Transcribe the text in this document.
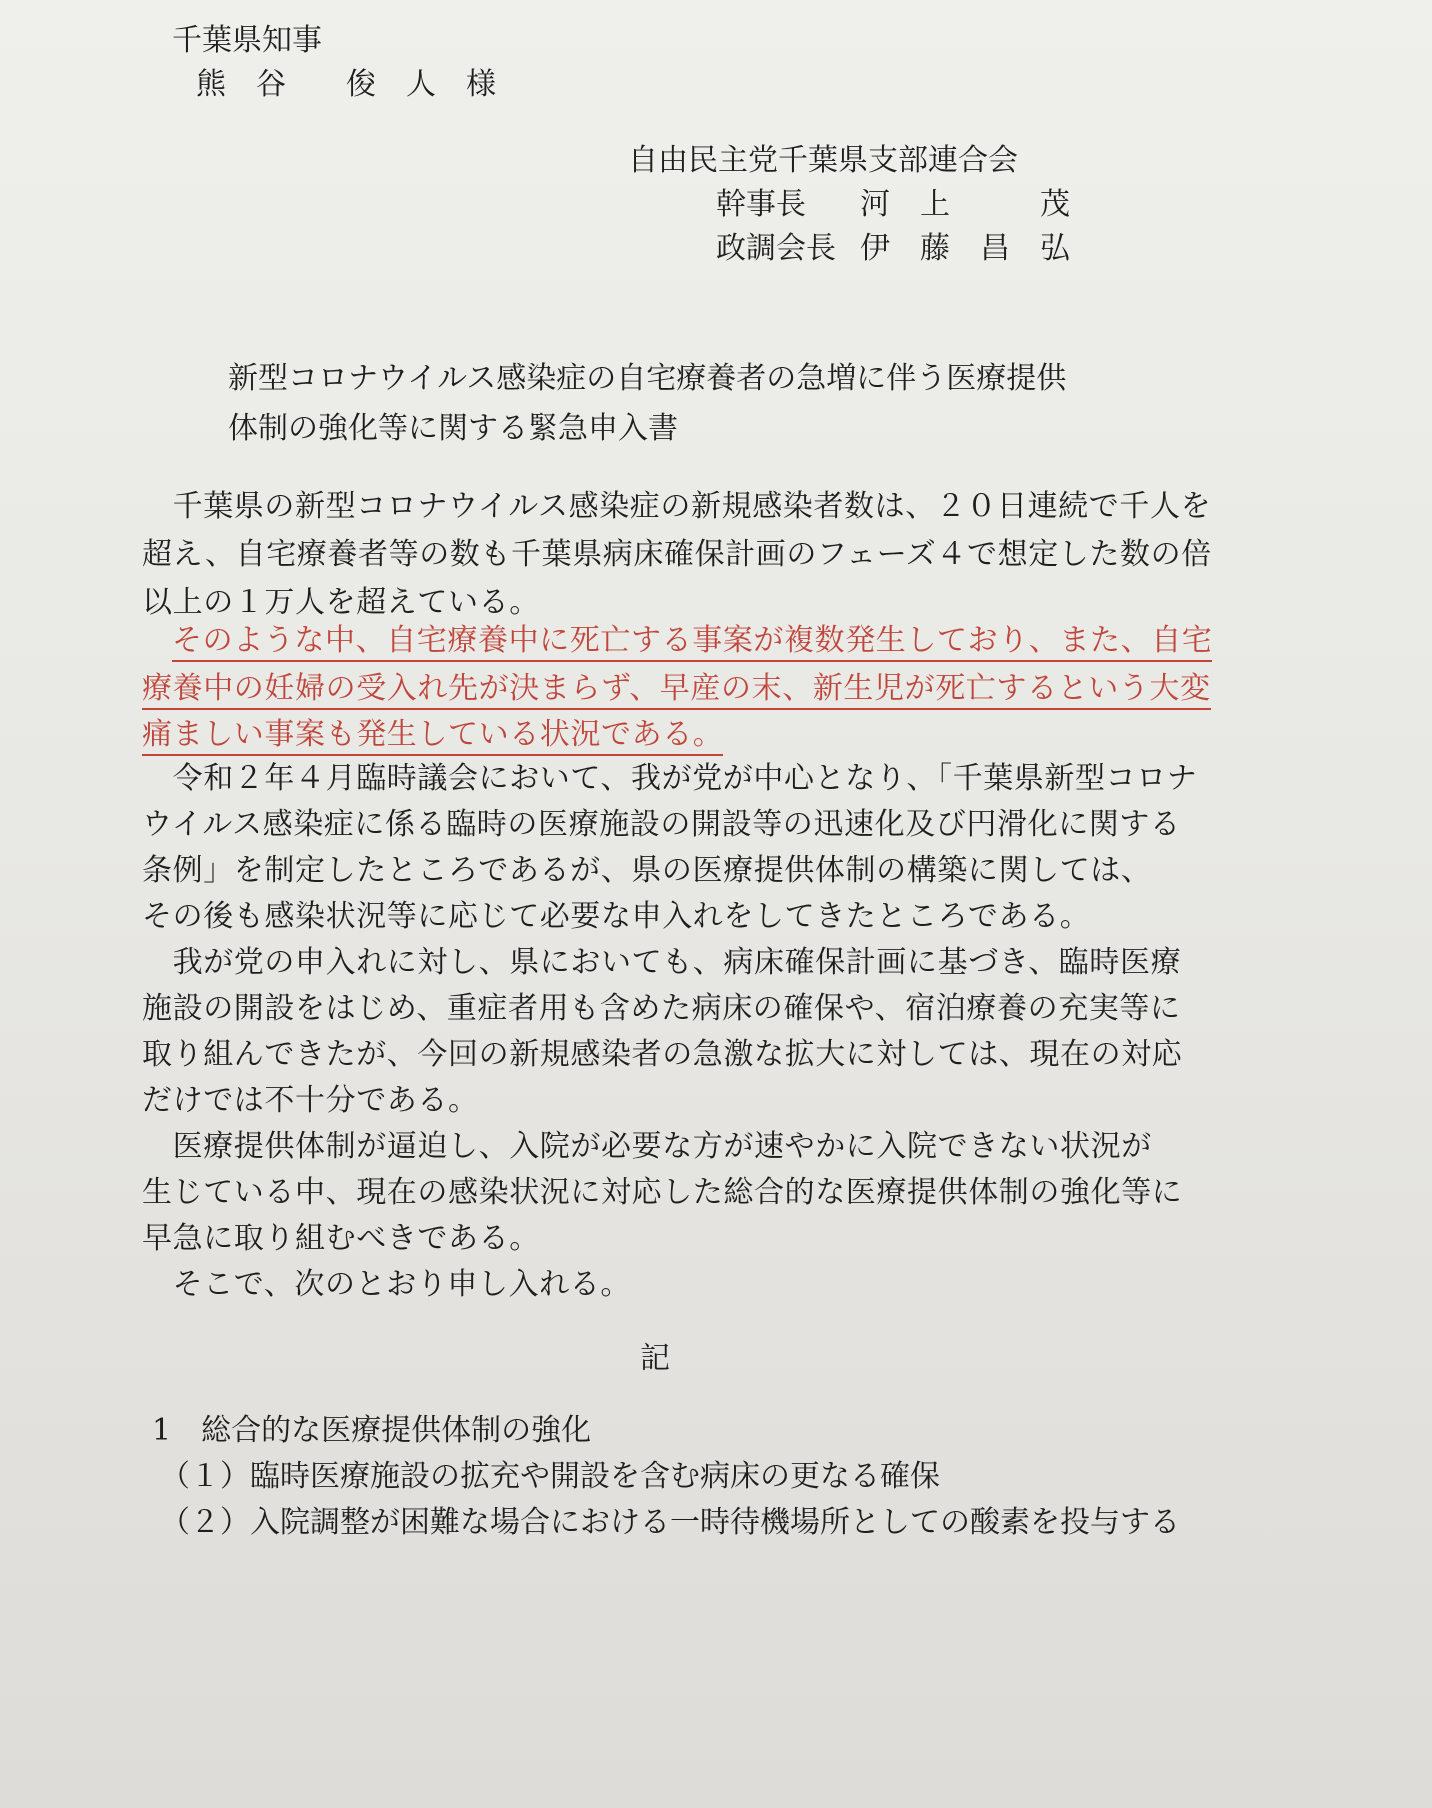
千葉県知事
熊　谷　　俊　人　様
自由民主党千葉県支部連合会
幹事長 河　上　　　茂
政調会長 伊　藤　昌　弘
新型コロナウイルス感染症の自宅療養者の急増に伴う医療提供
体制の強化等に関する緊急申入書
　千葉県の新型コロナウイルス感染症の新規感染者数は、２０日連続で千人を
超え、自宅療養者等の数も千葉県病床確保計画のフェーズ４で想定した数の倍
以上の１万人を超えている。
そのような中、自宅療養中に死亡する事案が複数発生しており、また、自宅
療養中の妊婦の受入れ先が決まらず、早産の末、新生児が死亡するという大変
痛ましい事案も発生している状況である。
　令和２年４月臨時議会において、我が党が中心となり、「千葉県新型コロナ
ウイルス感染症に係る臨時の医療施設の開設等の迅速化及び円滑化に関する
条例」を制定したところであるが、県の医療提供体制の構築に関しては、
その後も感染状況等に応じて必要な申入れをしてきたところである。
　我が党の申入れに対し、県においても、病床確保計画に基づき、臨時医療
施設の開設をはじめ、重症者用も含めた病床の確保や、宿泊療養の充実等に
取り組んできたが、今回の新規感染者の急激な拡大に対しては、現在の対応
だけでは不十分である。
　医療提供体制が逼迫し、入院が必要な方が速やかに入院できない状況が
生じている中、現在の感染状況に対応した総合的な医療提供体制の強化等に
早急に取り組むべきである。
　そこで、次のとおり申し入れる。
記
1　総合的な医療提供体制の強化
（１）臨時医療施設の拡充や開設を含む病床の更なる確保
（２）入院調整が困難な場合における一時待機場所としての酸素を投与する
